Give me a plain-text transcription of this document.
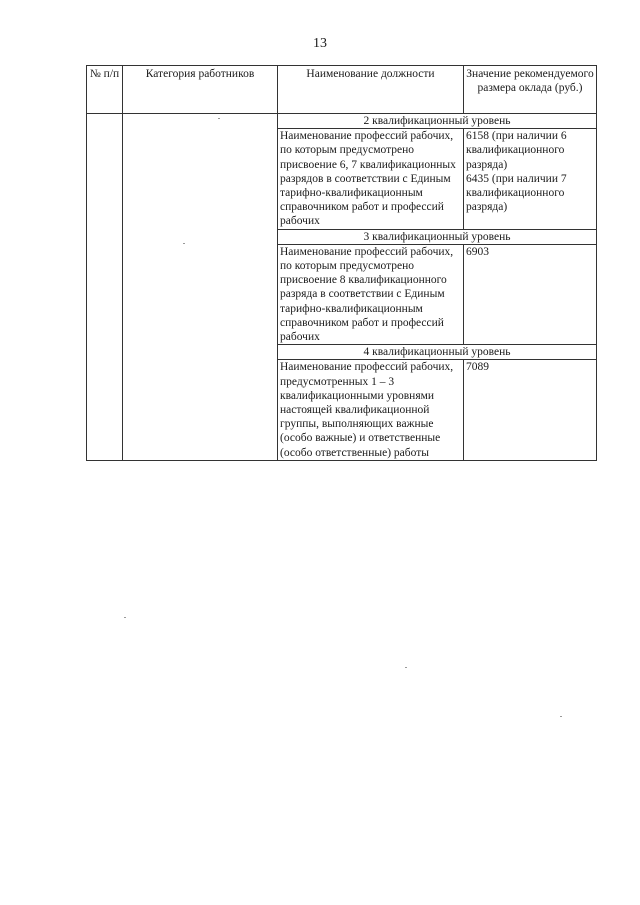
13
№ п/п	Категория работников	Наименование должности	Значение рекомендуемого размера оклада (руб.)
		2 квалификационный уровень	
		Наименование профессий рабочих, по которым предусмотрено присвоение 6, 7 квалификационных разрядов в соответствии с Единым тарифно-квалификационным справочником работ и профессий рабочих	6158 (при наличии 6 квалификационного разряда)
6435 (при наличии 7 квалификационного разряда)

		3 квалификационный уровень	
		Наименование профессий рабочих, по которым предусмотрено присвоение 8 квалификационного разряда в соответствии с Единым тарифно-квалификационным справочником работ и профессий рабочих	6903

		4 квалификационный уровень	
		Наименование профессий рабочих, предусмотренных 1 – 3 квалификационными уровнями настоящей квалификационной группы, выполняющих важные (особо важные) и ответственные (особо ответственные) работы	7089
